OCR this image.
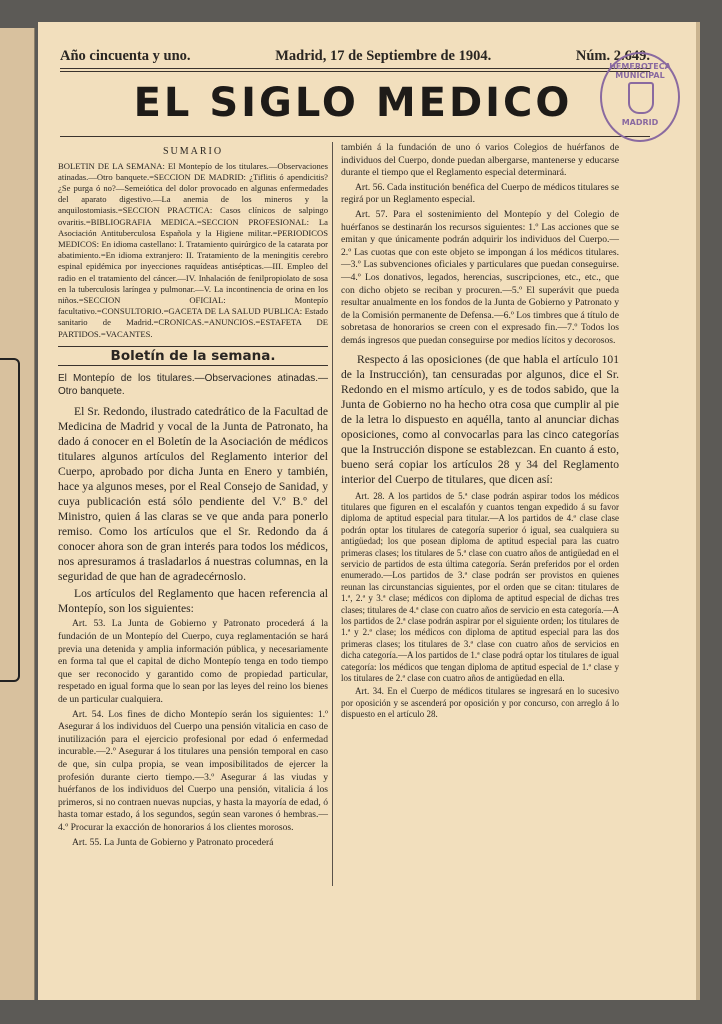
Año cincuenta y uno.	Madrid, 17 de Septiembre de 1904.	Núm. 2.649.
EL SIGLO MEDICO
HEMEROTECA
MUNICIPAL
MADRID
SUMARIO

BOLETIN DE LA SEMANA: El Montepío de los titulares.—Observaciones atinadas.—Otro banquete.=SECCION DE MADRID: ¿Tiflitis ó apendicitis? ¿Se purga ó no?—Semeiótica del dolor provocado en algunas enfermedades del aparato digestivo.—La anemia de los mineros y la anquilostomiasis.=SECCION PRACTICA: Casos clínicos de salpingo ovaritis.=BIBLIOGRAFIA MEDICA.=SECCION PROFESIONAL: La Asociación Antituberculosa Española y la Higiene militar.=PERIODICOS MEDICOS: En idioma castellano: I. Tratamiento quirúrgico de la catarata por abatimiento.=En idioma extranjero: II. Tratamiento de la meningitis cerebro espinal epidémica por inyecciones raquídeas antisépticas.—III. Empleo del radio en el tratamiento del cáncer.—IV. Inhalación de fenilpropiolato de sosa en la tuberculosis laríngea y pulmonar.—V. La incontinencia de orina en los niños.=SECCION OFICIAL: Montepío facultativo.=CONSULTORIO.=GACETA DE LA SALUD PUBLICA: Estado sanitario de Madrid.=CRONICAS.=ANUNCIOS.=ESTAFETA DE PARTIDOS.=VACANTES.

Boletín de la semana.

El Montepío de los titulares.—Observaciones atinadas.—Otro banquete.

El Sr. Redondo, ilustrado catedrático de la Facultad de Medicina de Madrid y vocal de la Junta de Patronato, ha dado á conocer en el Boletín de la Asociación de médicos titulares algunos artículos del Reglamento interior del Cuerpo, aprobado por dicha Junta en Enero y también, hace ya algunos meses, por el Real Consejo de Sanidad, y cuya publicación está sólo pendiente del V.º B.º del Ministro, quien á las claras se ve que anda para ponerlo remiso. Como los artículos que el Sr. Redondo da á conocer ahora son de gran interés para todos los médicos, nos apresuramos á trasladarlos á nuestras columnas, en la seguridad de que han de agradecérnoslo.

Los artículos del Reglamento que hacen referencia al Montepío, son los siguientes:

Art. 53. La Junta de Gobierno y Patronato procederá á la fundación de un Montepío del Cuerpo, cuya reglamentación se hará previa una detenida y amplia información pública, y necesariamente en forma tal que el capital de dicho Montepío tenga en todo tiempo que ser reconocido y garantido como de propiedad particular, respetado en igual forma que lo sean por las leyes del reino los bienes de un particular cualquiera.

Art. 54. Los fines de dicho Montepío serán los siguientes: 1.º Asegurar á los individuos del Cuerpo una pensión vitalicia en caso de inutilización para el ejercicio profesional por edad ó enfermedad incurable.—2.º Asegurar á los titulares una pensión temporal en caso de que, sin culpa propia, se vean imposibilitados de ejercer la profesión durante cierto tiempo.—3.º Asegurar á las viudas y huérfanos de los individuos del Cuerpo una pensión, vitalicia á los primeros, si no contraen nuevas nupcias, y hasta la mayoría de edad, ó hasta tomar estado, á los segundos, según sean varones ó hembras.—4.º Procurar la exacción de honorarios á los clientes morosos.

Art. 55. La Junta de Gobierno y Patronato procederá

también á la fundación de uno ó varios Colegios de huérfanos de individuos del Cuerpo, donde puedan albergarse, mantenerse y educarse durante el tiempo que el Reglamento especial determinará.

Art. 56. Cada institución benéfica del Cuerpo de médicos titulares se regirá por un Reglamento especial.

Art. 57. Para el sostenimiento del Montepío y del Colegio de huérfanos se destinarán los recursos siguientes: 1.º Las acciones que se emitan y que únicamente podrán adquirir los individuos del Cuerpo.—2.º Las cuotas que con este objeto se impongan á los médicos titulares.—3.º Las subvenciones oficiales y particulares que puedan conseguirse.—4.º Los donativos, legados, herencias, suscripciones, etc., etc., que con dicho objeto se reciban y procuren.—5.º El superávit que pueda resultar anualmente en los fondos de la Junta de Gobierno y Patronato y de la Comisión permanente de Defensa.—6.º Los timbres que á título de sobretasa de honorarios se creen con el expresado fin.—7.º Todos los demás ingresos que puedan conseguirse por medios lícitos y decorosos.

Respecto á las oposiciones (de que habla el artículo 101 de la Instrucción), tan censuradas por algunos, dice el Sr. Redondo en el mismo artículo, y es de todos sabido, que la Junta de Gobierno no ha hecho otra cosa que cumplir al pie de la letra lo dispuesto en aquélla, tanto al anunciar dichas oposiciones, como al convocarlas para las cinco categorías que la Instrucción dispone se establezcan. En cuanto á esto, bueno será copiar los artículos 28 y 34 del Reglamento interior del Cuerpo de titulares, que dicen así:

Art. 28. A los partidos de 5.ª clase podrán aspirar todos los médicos titulares que figuren en el escalafón y cuantos tengan expedido á su favor diploma de aptitud especial para titular.—A los partidos de 4.ª clase clase podrán optar los titulares de categoría superior ó igual, sea cualquiera su antigüedad; los que posean diploma de aptitud especial para las cuatro primeras clases; los titulares de 5.ª clase con cuatro años de antigüedad en el servicio de partidos de esta última categoría. Serán preferidos por el orden enumerado.—Los partidos de 3.ª clase podrán ser provistos en quienes reunan las circunstancias siguientes, por el orden que se citan: titulares de 1.ª, 2.ª y 3.ª clase; médicos con diploma de aptitud especial de dichas tres clases; titulares de 4.ª clase con cuatro años de servicio en esta categoría.—A los partidos de 2.ª clase podrán aspirar por el siguiente orden; los titulares de 1.ª y 2.ª clase; los médicos con diploma de aptitud especial para las dos primeras clases; los titulares de 3.ª clase con cuatro años de servicios en dicha categoría.—A los partidos de 1.ª clase podrá optar los titulares de igual categoría: los médicos que tengan diploma de aptitud especial de 1.ª clase y los titulares de 2.ª clase con cuatro años de antigüedad en ella.

Art. 34. En el Cuerpo de médicos titulares se ingresará en lo sucesivo por oposición y se ascenderá por oposición y por concurso, con arreglo á lo dispuesto en el artículo 28.
